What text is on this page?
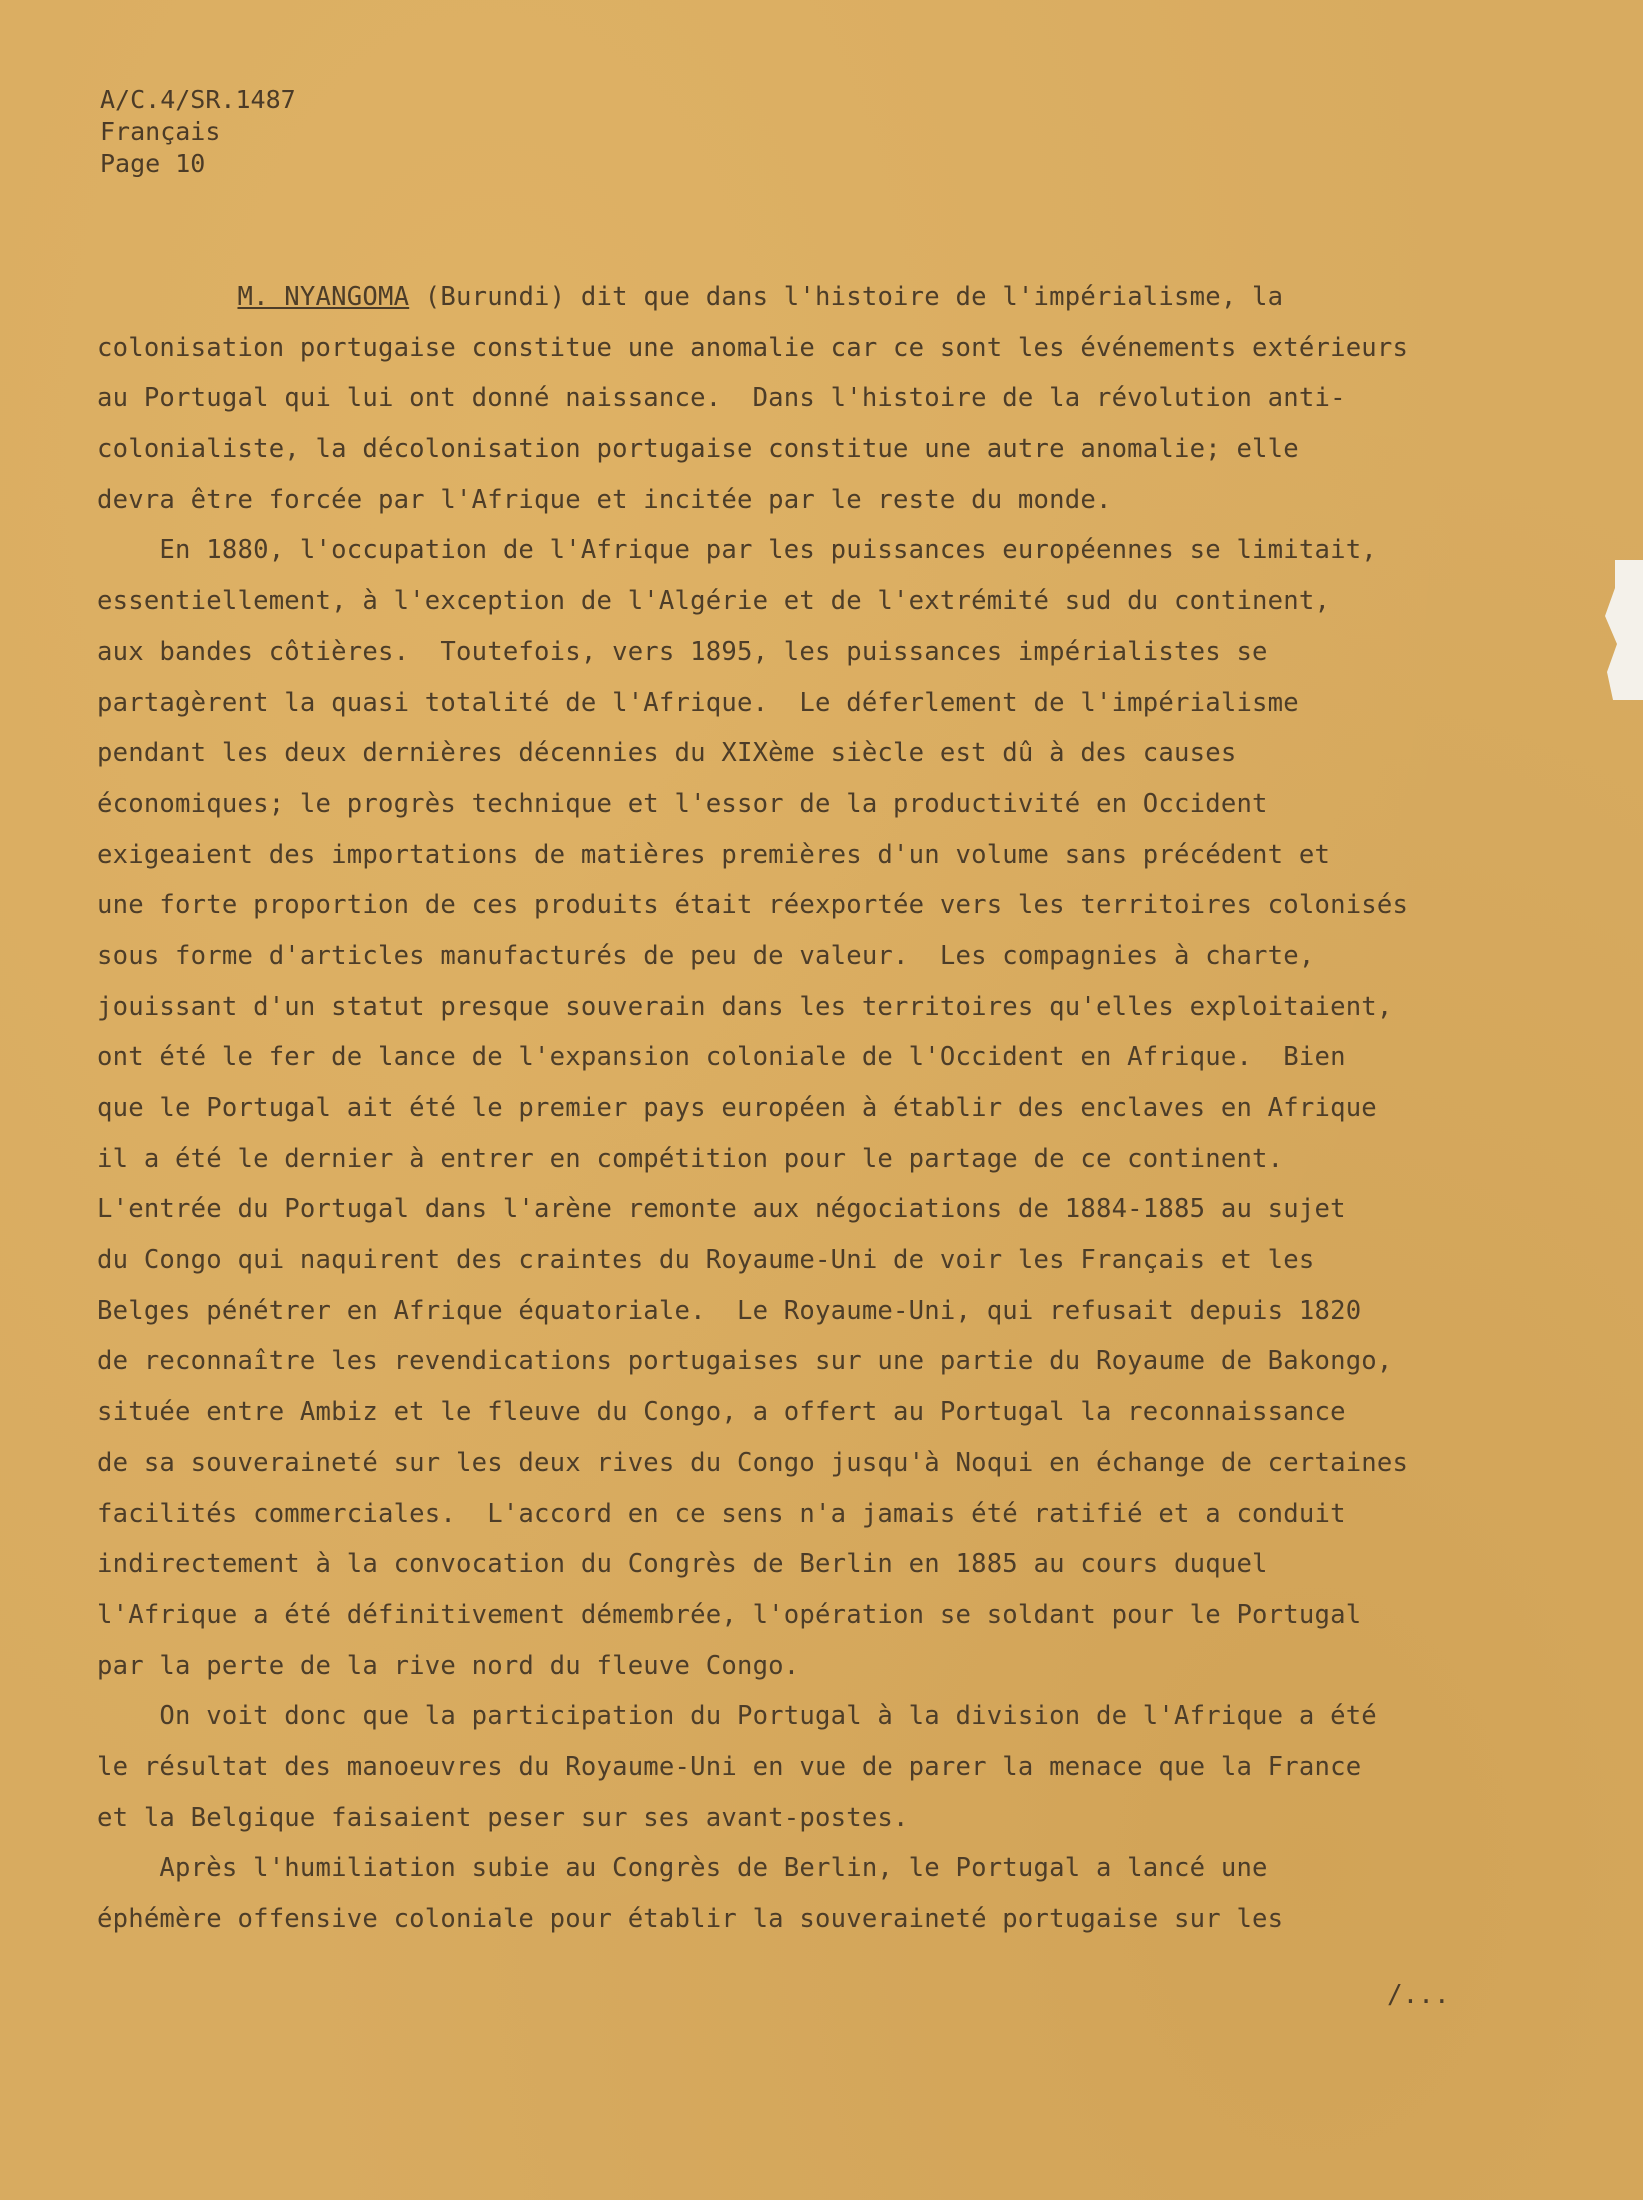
A/C.4/SR.1487
Français
Page 10
M. NYANGOMA (Burundi) dit que dans l'histoire de l'impérialisme, la
colonisation portugaise constitue une anomalie car ce sont les événements extérieurs
au Portugal qui lui ont donné naissance.  Dans l'histoire de la révolution anti-
colonialiste, la décolonisation portugaise constitue une autre anomalie; elle
devra être forcée par l'Afrique et incitée par le reste du monde.
En 1880, l'occupation de l'Afrique par les puissances européennes se limitait,
essentiellement, à l'exception de l'Algérie et de l'extrémité sud du continent,
aux bandes côtières.  Toutefois, vers 1895, les puissances impérialistes se
partagèrent la quasi totalité de l'Afrique.  Le déferlement de l'impérialisme
pendant les deux dernières décennies du XIXème siècle est dû à des causes
économiques; le progrès technique et l'essor de la productivité en Occident
exigeaient des importations de matières premières d'un volume sans précédent et
une forte proportion de ces produits était réexportée vers les territoires colonisés
sous forme d'articles manufacturés de peu de valeur.  Les compagnies à charte,
jouissant d'un statut presque souverain dans les territoires qu'elles exploitaient,
ont été le fer de lance de l'expansion coloniale de l'Occident en Afrique.  Bien
que le Portugal ait été le premier pays européen à établir des enclaves en Afrique
il a été le dernier à entrer en compétition pour le partage de ce continent.
L'entrée du Portugal dans l'arène remonte aux négociations de 1884-1885 au sujet
du Congo qui naquirent des craintes du Royaume-Uni de voir les Français et les
Belges pénétrer en Afrique équatoriale.  Le Royaume-Uni, qui refusait depuis 1820
de reconnaître les revendications portugaises sur une partie du Royaume de Bakongo,
située entre Ambiz et le fleuve du Congo, a offert au Portugal la reconnaissance
de sa souveraineté sur les deux rives du Congo jusqu'à Noqui en échange de certaines
facilités commerciales.  L'accord en ce sens n'a jamais été ratifié et a conduit
indirectement à la convocation du Congrès de Berlin en 1885 au cours duquel
l'Afrique a été définitivement démembrée, l'opération se soldant pour le Portugal
par la perte de la rive nord du fleuve Congo.
On voit donc que la participation du Portugal à la division de l'Afrique a été
le résultat des manoeuvres du Royaume-Uni en vue de parer la menace que la France
et la Belgique faisaient peser sur ses avant-postes.
Après l'humiliation subie au Congrès de Berlin, le Portugal a lancé une
éphémère offensive coloniale pour établir la souveraineté portugaise sur les
/...
